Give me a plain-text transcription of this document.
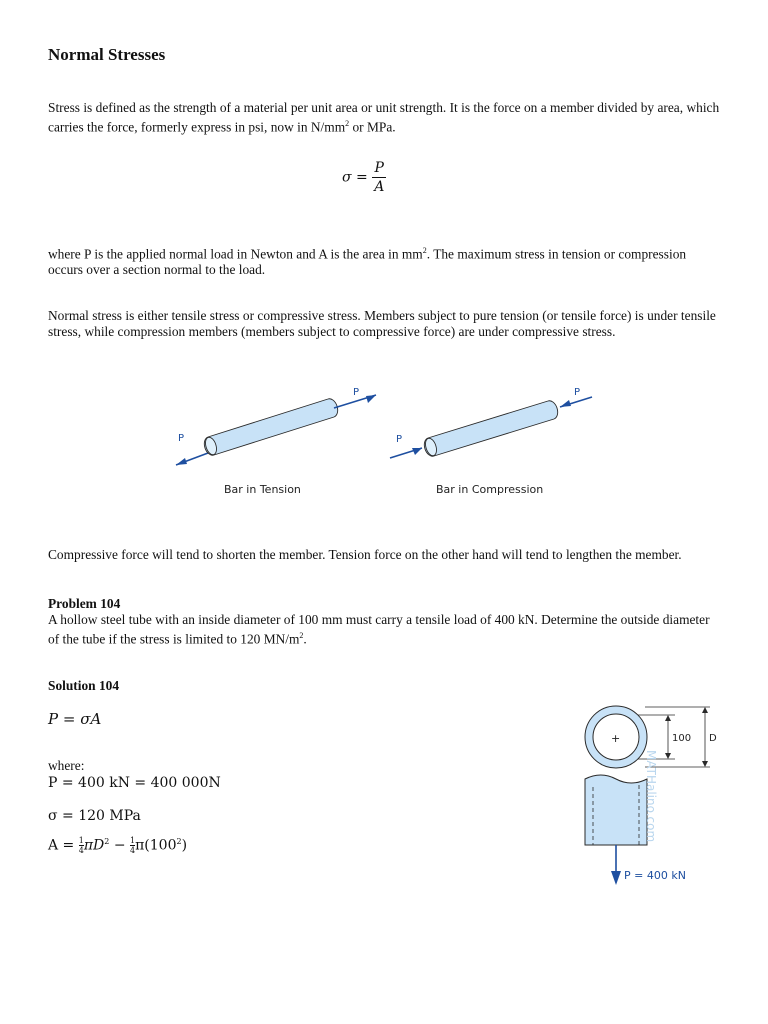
Normal Stresses
Stress is defined as the strength of a material per unit area or unit strength. It is the force on a member divided by area, which carries the force, formerly express in psi, now in $N/mm^2$ or MPa.
$\sigma = \frac{P}{A}$
where P is the applied normal load in Newton and A is the area in $mm^2$. The maximum stress in tension or compression occurs over a section normal to the load.
Normal stress is either tensile stress or compressive stress. Members subject to pure tension (or tensile force) is under tensile stress, while compression members (members subject to compressive force) are under compressive stress.
P
P
Bar in Tension
P
P
Bar in Compression
Compressive force will tend to shorten the member. Tension force on the other hand will tend to lengthen the member.
Problem 104
A hollow steel tube with an inside diameter of 100 mm must carry a tensile load of 400 kN. Determine the outside diameter of the tube if the stress is limited to 120 $MN/m^2$.
Solution 104
P = σA
where:
P = 400 kN = 400 000N
σ = 120 MPa
$A = \frac{1}{4} \pi D^2 - \frac{1}{4} \pi(100^2)$
100 D
+
P = 400 kN
MATHalino.com
